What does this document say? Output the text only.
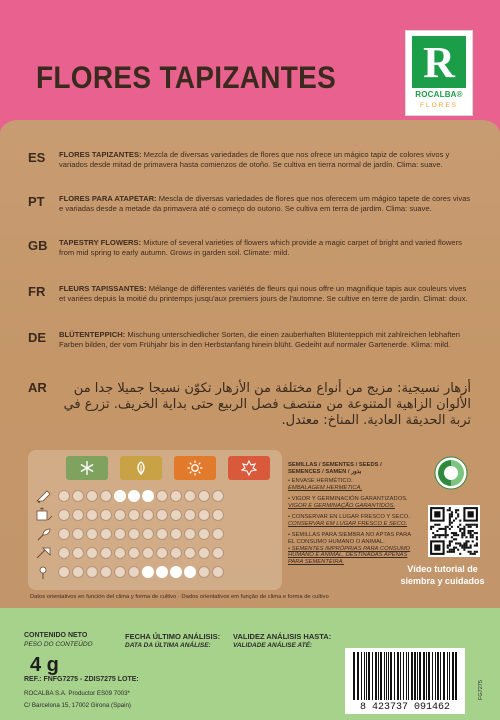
FLORES TAPIZANTES R
ROCALBA®
FLORES
ES FLORES TAPIZANTES: Mezcla de diversas variedades de flores que nos ofrece un mágico tapiz de colores vivos y variados desde mitad de primavera hasta comienzos de otoño. Se cultiva en tierra normal de jardín. Clima: suave.
PT FLORES PARA ATAPETAR: Mescla de diversas variedades de flores que nos oferecem um mágico tapete de cores vivas e variadas desde a metade da primavera até o começo do outono. Se cultiva em terra de jardim. Clima: suave.
GB TAPESTRY FLOWERS: Mixture of several varieties of flowers which provide a magic carpet of bright and varied flowers from mid spring to early autumn. Grows in garden soil. Climate: mild.
FR FLEURS TAPISSANTES: Mélange de différentes variétés de fleurs qui nous offre un magnifique tapis aux couleurs vives et variées depuis la moitié du printemps jusqu'aux premiers jours de l'automne. Se cultive en terre de jardin. Climat: doux.
DE BLÜTENTEPPICH: Mischung unterschiedlicher Sorten, die einen zauberhaften Blütenteppich mit zahlreichen lebhaften Farben bilden, der vom Frühjahr bis in den Herbstanfang hinein blüht. Gedeiht auf normaler Gartenerde. Klima: mild.
AR	أزهار نسيجية: مزيج من أنواع مختلفة من الأزهار تكوّن نسيجا جميلا جدا من الألوان الزاهية المتنوعة من منتصف فصل الربيع حتى بداية الخريف. تزرع في تربة الحديقة العادية. المناخ: معتدل.
SEMILLAS / SEMENTES / SEEDS /
SEMENCES / SAMEN / بذور
• ENVASE HERMÉTICO.
EMBALAGEM HERMÉTICA.
• VIGOR Y GERMINACIÓN GARANTIZADOS.
VIGOR E GERMINAÇÃO GARANTIDOS.
• CONSERVAR EN LUGAR FRESCO Y SECO.
CONSERVAR EM LUGAR FRESCO E SECO.
• SEMILLAS PARA SIEMBRA NO APTAS PARA EL CONSUMO HUMANO O ANIMAL.
• SEMENTES IMPRÓPRIAS PARA CONSUMO HUMANO E ANIMAL, DESTINADAS APENAS PARA SEMENTEIRA.
Vídeo tutorial de
siembra y cuidados
Datos orientativos en función del clima y forma de cultivo · Dados orientativos em função de clima e forma de cultivo
CONTENIDO NETO
PESO DO CONTEÚDO
4 g
FECHA ÚLTIMO ANÁLISIS:
DATA DA ÚLTIMA ANÁLISE:
VALIDEZ ANÁLISIS HASTA:
VALIDADE ANÁLISE ATÉ:
REF.: FNFG7275 - ZDIS7275 LOTE:
ROCALBA S.A. Productor ES09 7003*
C/ Barcelona 15, 17002 Girona (Spain)	8 423737 091462
FG7275
